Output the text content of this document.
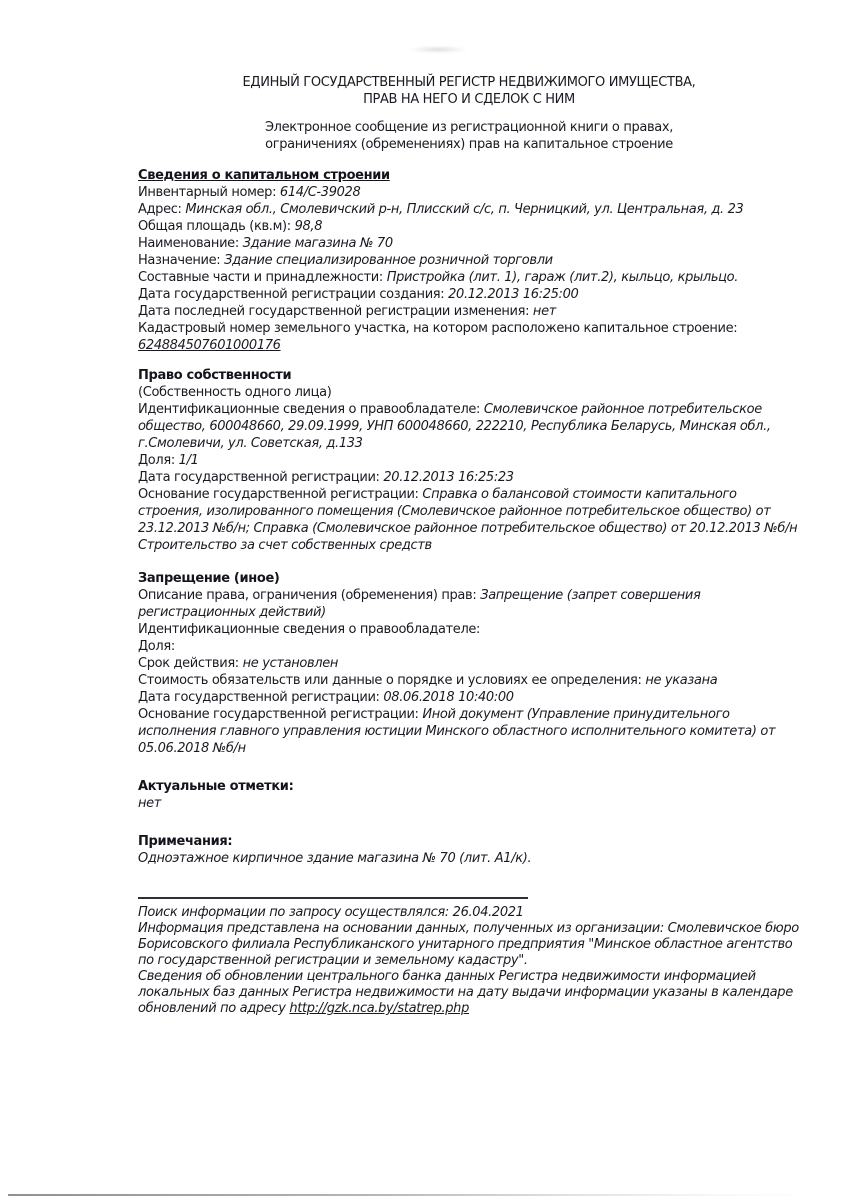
ЕДИНЫЙ ГОСУДАРСТВЕННЫЙ РЕГИСТР НЕДВИЖИМОГО ИМУЩЕСТВА,
ПРАВ НА НЕГО И СДЕЛОК С НИМ
Электронное сообщение из регистрационной книги о правах,
ограничениях (обременениях) прав на капитальное строение
Сведения о капитальном строении
Инвентарный номер: 614/С-39028
Адрес: Минская обл., Смолевичский р-н, Плисский с/с, п. Черницкий, ул. Центральная, д. 23
Общая площадь (кв.м): 98,8
Наименование: Здание магазина № 70
Назначение: Здание специализированное розничной торговли
Составные части и принадлежности: Пристройка (лит. 1), гараж (лит.2), кыльцо, крыльцо.
Дата государственной регистрации создания: 20.12.2013 16:25:00
Дата последней государственной регистрации изменения: нет
Кадастровый номер земельного участка, на котором расположено капитальное строение:
624884507601000176
Право собственности
(Собственность одного лица)
Идентификационные сведения о правообладателе: Смолевичское районное потребительское общество, 600048660, 29.09.1999, УНП 600048660, 222210, Республика Беларусь, Минская обл., г.Смолевичи, ул. Советская, д.133
Доля: 1/1
Дата государственной регистрации: 20.12.2013 16:25:23
Основание государственной регистрации: Справка о балансовой стоимости капитального строения, изолированного помещения (Смолевичское районное потребительское общество) от 23.12.2013 №б/н; Справка (Смолевичское районное потребительское общество) от 20.12.2013 №б/н Строительство за счет собственных средств
Запрещение (иное)
Описание права, ограничения (обременения) прав: Запрещение (запрет совершения регистрационных действий)
Идентификационные сведения о правообладателе:
Доля:
Срок действия: не установлен
Стоимость обязательств или данные о порядке и условиях ее определения: не указана
Дата государственной регистрации: 08.06.2018 10:40:00
Основание государственной регистрации: Иной документ (Управление принудительного исполнения главного управления юстиции Минского областного исполнительного комитета) от 05.06.2018 №б/н
Актуальные отметки:
нет
Примечания:
Одноэтажное кирпичное здание магазина № 70 (лит. А1/к).
Поиск информации по запросу осуществлялся: 26.04.2021
Информация представлена на основании данных, полученных из организации: Смолевичское бюро Борисовского филиала Республиканского унитарного предприятия "Минское областное агентство по государственной регистрации и земельному кадастру".
Сведения об обновлении центрального банка данных Регистра недвижимости информацией локальных баз данных Регистра недвижимости на дату выдачи информации указаны в календаре обновлений по адресу http://gzk.nca.by/statrep.php
